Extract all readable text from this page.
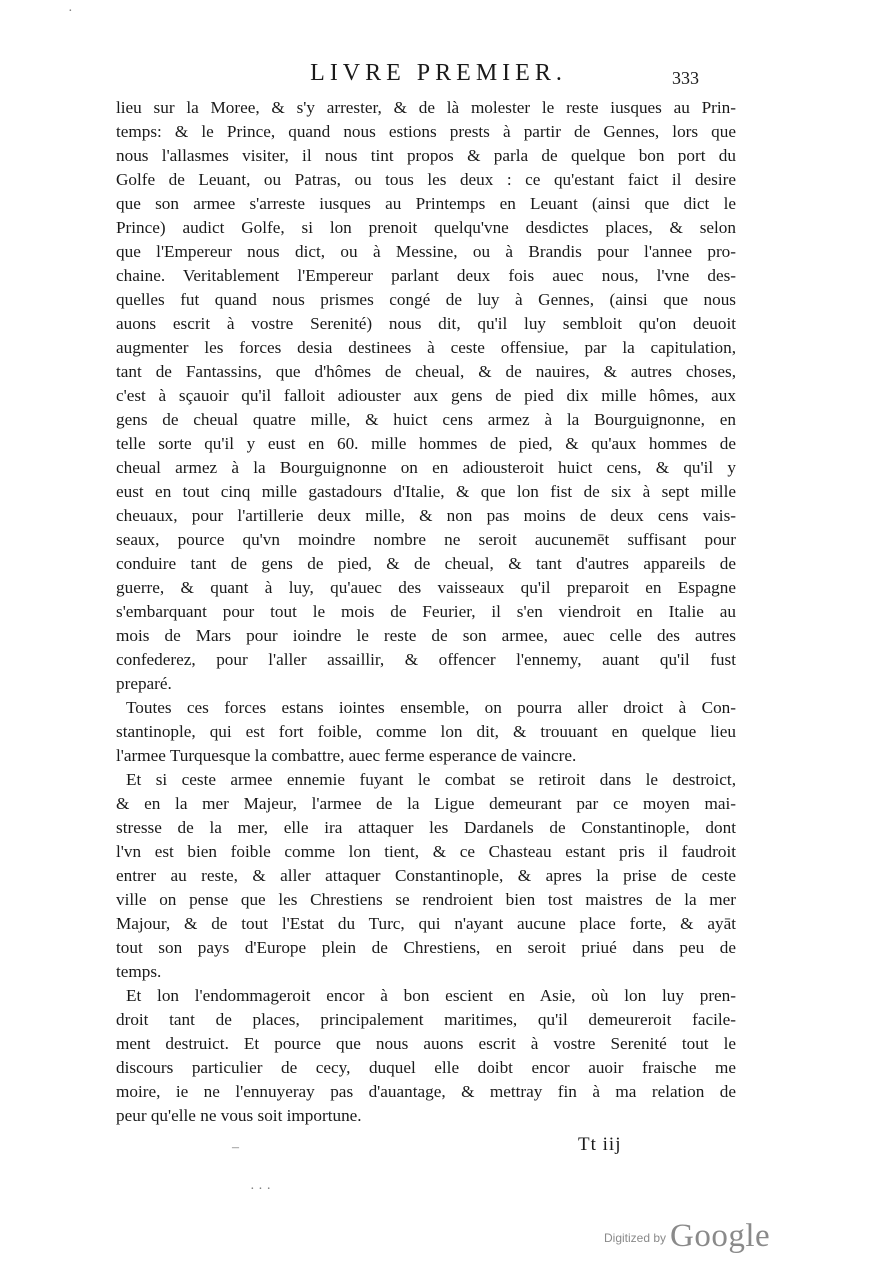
LIVRE PREMIER.	333
lieu sur la Moree, & s'y arrester, & de là molester le reste iusques au Prin-
temps: & le Prince, quand nous estions prests à partir de Gennes, lors que
nous l'allasmes visiter, il nous tint propos & parla de quelque bon port du
Golfe de Leuant, ou Patras, ou tous les deux : ce qu'estant faict il desire
que son armee s'arreste iusques au Printemps en Leuant (ainsi que dict le
Prince) audict Golfe, si lon prenoit quelqu'vne desdictes places, & selon
que l'Empereur nous dict, ou à Messine, ou à Brandis pour l'annee pro-
chaine. Veritablement l'Empereur parlant deux fois auec nous, l'vne des-
quelles fut quand nous prismes congé de luy à Gennes, (ainsi que nous
auons escrit à vostre Serenité) nous dit, qu'il luy sembloit qu'on deuoit
augmenter les forces desia destinees à ceste offensiue, par la capitulation,
tant de Fantassins, que d'hômes de cheual, & de nauires, & autres choses,
c'est à sçauoir qu'il falloit adiouster aux gens de pied dix mille hômes, aux
gens de cheual quatre mille, & huict cens armez à la Bourguignonne, en
telle sorte qu'il y eust en 60. mille hommes de pied, & qu'aux hommes de
cheual armez à la Bourguignonne on en adiousteroit huict cens, & qu'il y
eust en tout cinq mille gastadours d'Italie, & que lon fist de six à sept mille
cheuaux, pour l'artillerie deux mille, & non pas moins de deux cens vais-
seaux, pource qu'vn moindre nombre ne seroit aucunemēt suffisant pour
conduire tant de gens de pied, & de cheual, & tant d'autres appareils de
guerre, & quant à luy, qu'auec des vaisseaux qu'il preparoit en Espagne
s'embarquant pour tout le mois de Feurier, il s'en viendroit en Italie au
mois de Mars pour ioindre le reste de son armee, auec celle des autres
confederez, pour l'aller assaillir, & offencer l'ennemy, auant qu'il fust
preparé.
Toutes ces forces estans iointes ensemble, on pourra aller droict à Con-
stantinople, qui est fort foible, comme lon dit, & trouuant en quelque lieu
l'armee Turquesque la combattre, auec ferme esperance de vaincre.
Et si ceste armee ennemie fuyant le combat se retiroit dans le destroict,
& en la mer Majeur, l'armee de la Ligue demeurant par ce moyen mai-
stresse de la mer, elle ira attaquer les Dardanels de Constantinople, dont
l'vn est bien foible comme lon tient, & ce Chasteau estant pris il faudroit
entrer au reste, & aller attaquer Constantinople, & apres la prise de ceste
ville on pense que les Chrestiens se rendroient bien tost maistres de la mer
Majour, & de tout l'Estat du Turc, qui n'ayant aucune place forte, & ayāt
tout son pays d'Europe plein de Chrestiens, en seroit priué dans peu de
temps.
Et lon l'endommageroit encor à bon escient en Asie, où lon luy pren-
droit tant de places, principalement maritimes, qu'il demeureroit facile-
ment destruict. Et pource que nous auons escrit à vostre Serenité tout le
discours particulier de cecy, duquel elle doibt encor auoir fraische me
moire, ie ne l'ennuyeray pas d'auantage, & mettray fin à ma relation de
peur qu'elle ne vous soit importune.
Tt iij
·
–
· · ·
$^{Digitized by}$ Google
